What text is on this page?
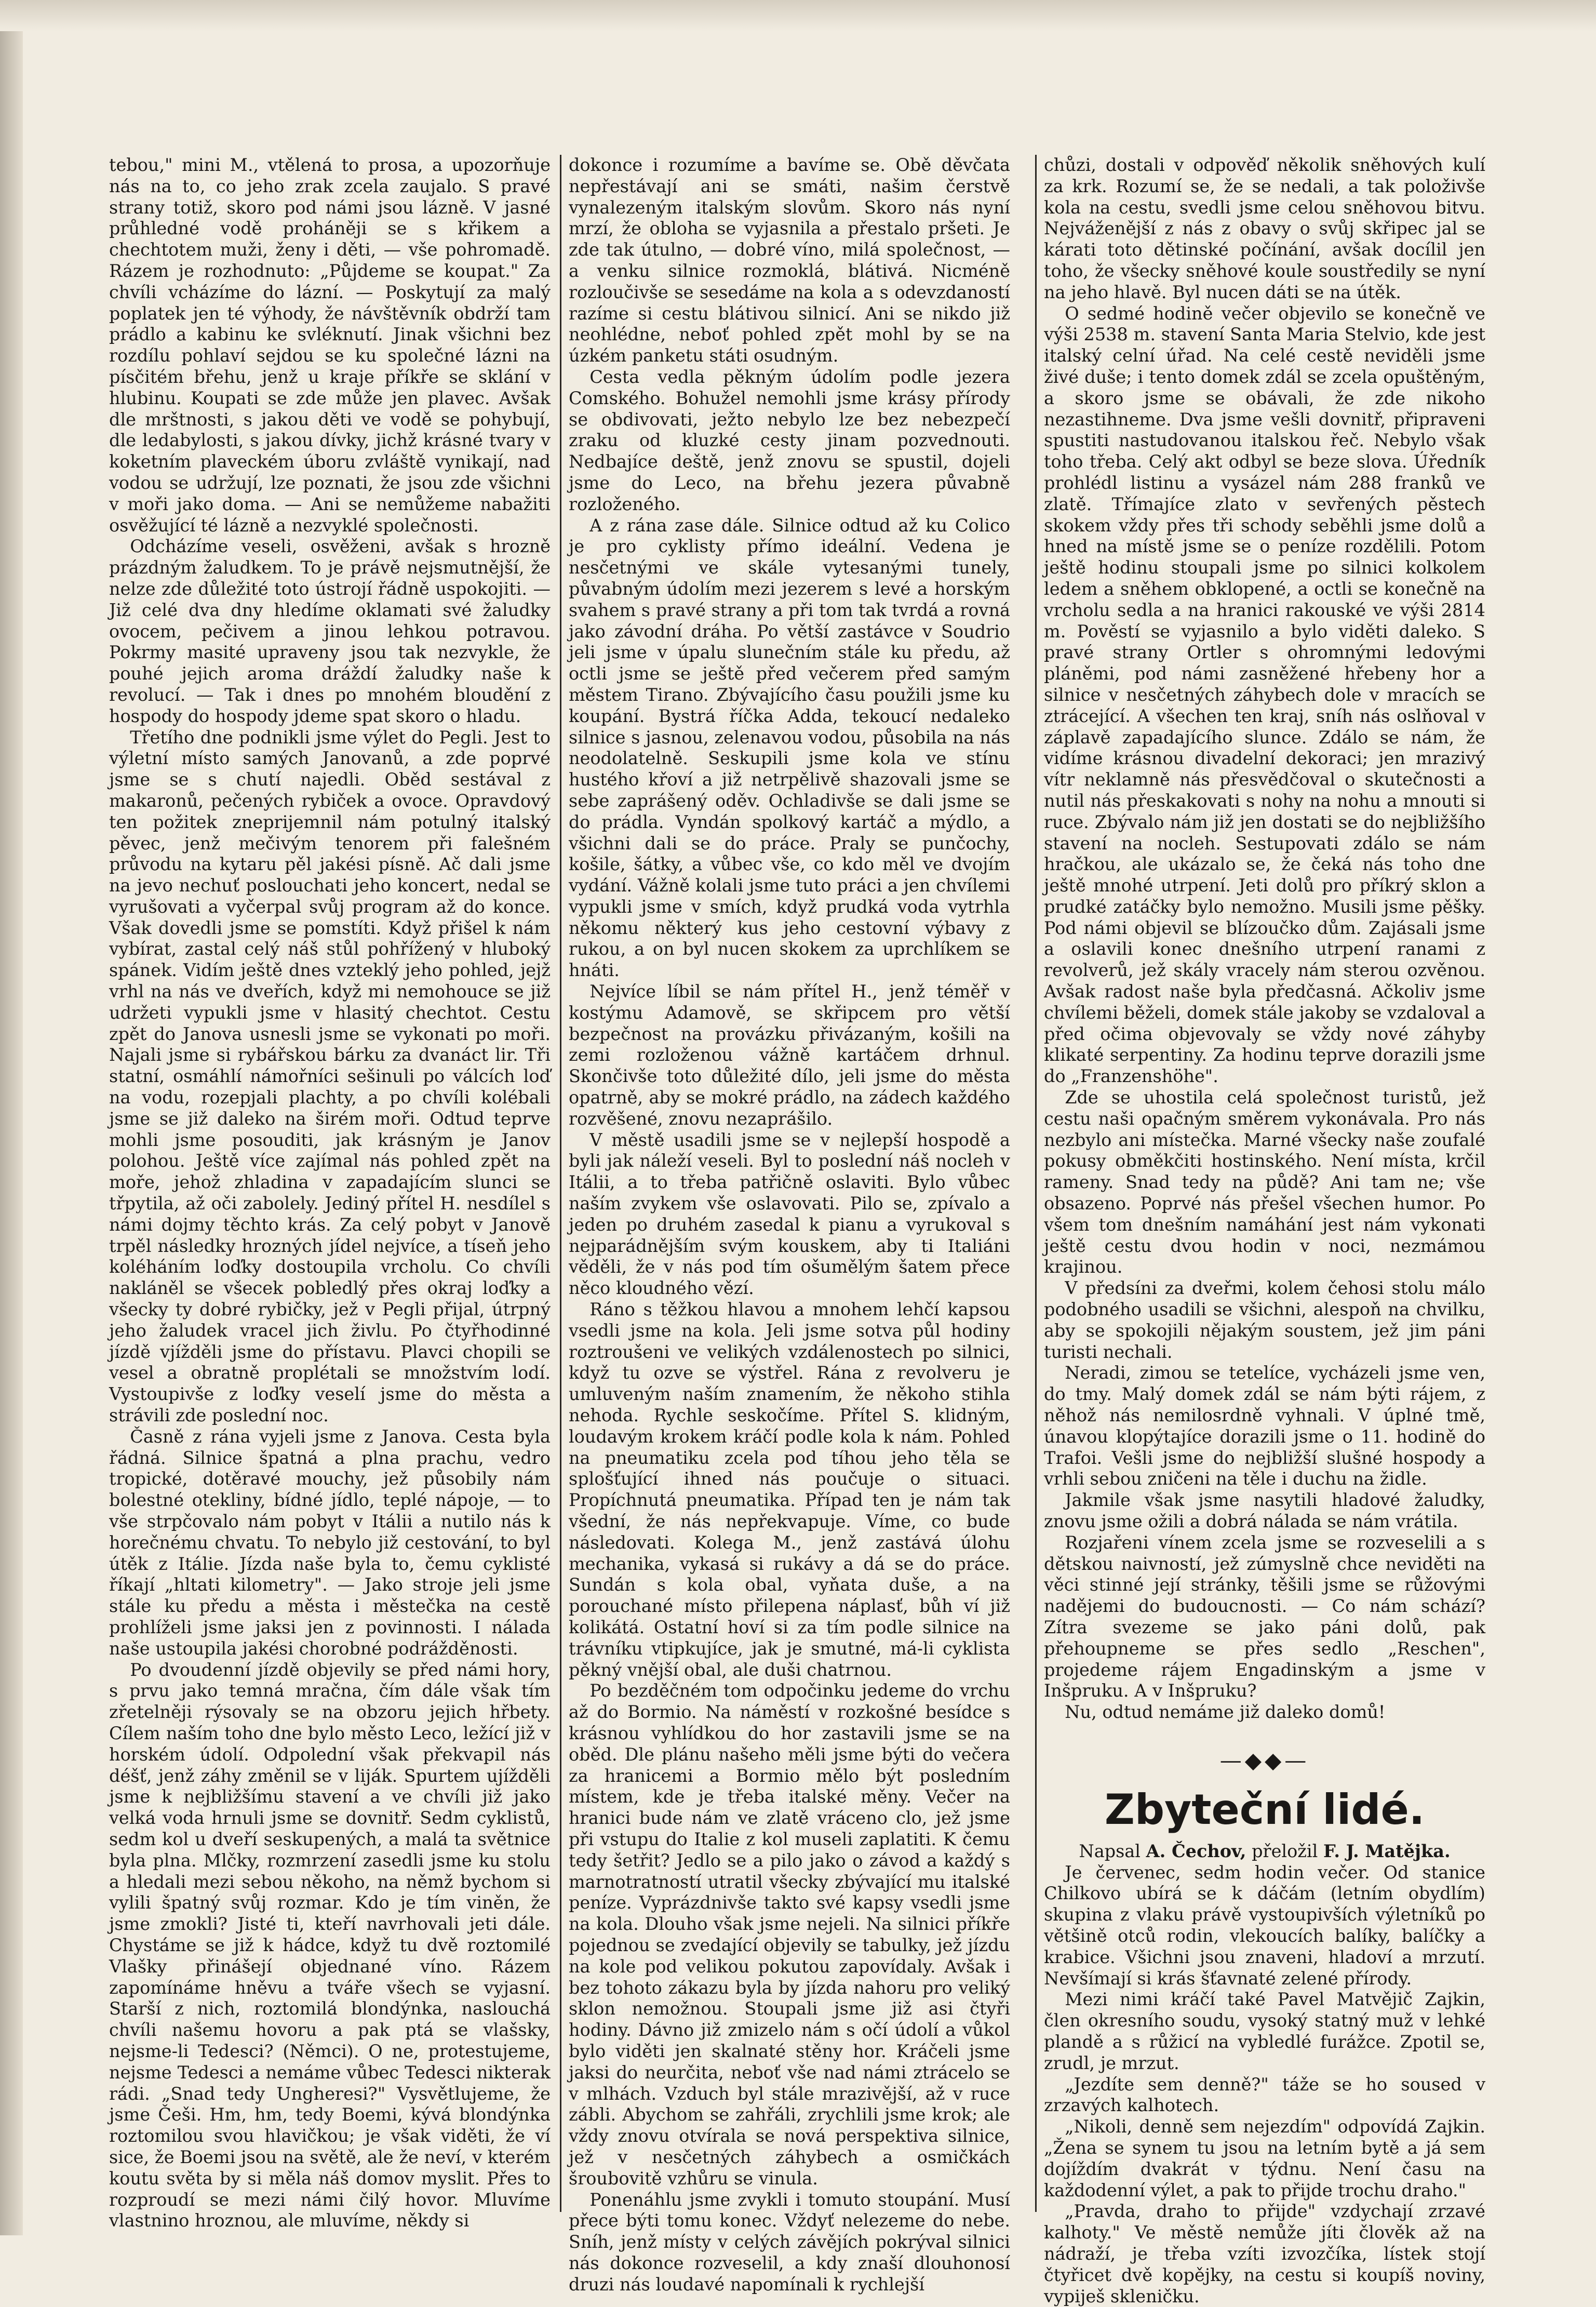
tebou," mini M., vtělená to prosa, a upozorňuje nás na to, co jeho zrak zcela zaujalo. S pravé strany totiž, skoro pod námi jsou lázně. V jasné průhledné vodě proháněji se s křikem a chechtotem muži, ženy i děti, — vše pohromadě. Rázem je rozhodnuto: „Půjdeme se koupat." Za chvíli vcházíme do lázní. — Poskytují za malý poplatek jen té výhody, že návštěvník obdrží tam prádlo a kabinu ke svléknutí. Jinak všichni bez rozdílu pohlaví sejdou se ku společné lázni na písčitém břehu, jenž u kraje příkře se sklání v hlubinu. Koupati se zde může jen plavec. Avšak dle mrštnosti, s jakou děti ve vodě se pohybují, dle ledabylosti, s jakou dívky, jichž krásné tvary v koketním plaveckém úboru zvláště vynikají, nad vodou se udržují, lze poznati, že jsou zde všichni v moři jako doma. — Ani se nemůžeme nabažiti osvěžující té lázně a nezvyklé společnosti.

Odcházíme veseli, osvěženi, avšak s hrozně prázdným žaludkem. To je právě nejsmutnější, že nelze zde důležité toto ústrojí řádně uspokojiti. — Již celé dva dny hledíme oklamati své žaludky ovocem, pečivem a jinou lehkou potravou. Pokrmy masité upraveny jsou tak nezvykle, že pouhé jejich aroma dráždí žaludky naše k revolucí. — Tak i dnes po mnohém bloudění z hospody do hospody jdeme spat skoro o hladu.

Třetího dne podnikli jsme výlet do Pegli. Jest to výletní místo samých Janovanů, a zde poprvé jsme se s chutí najedli. Oběd sestával z makaronů, pečených rybiček a ovoce. Opravdový ten požitek zneprijemnil nám potulný italský pěvec, jenž mečivým tenorem při falešném průvodu na kytaru pěl jakési písně. Ač dali jsme na jevo nechuť poslouchati jeho koncert, nedal se vyrušovati a vyčerpal svůj program až do konce. Však dovedli jsme se pomstíti. Když přišel k nám vybírat, zastal celý náš stůl pohřížený v hluboký spánek. Vidím ještě dnes vzteklý jeho pohled, jejž vrhl na nás ve dveřích, když mi nemohouce se již udržeti vypukli jsme v hlasitý chechtot. Cestu zpět do Janova usnesli jsme se vykonati po moři. Najali jsme si rybářskou bárku za dvanáct lir. Tři statní, osmáhlí námořníci sešinuli po válcích loď na vodu, rozepjali plachty, a po chvíli kolébali jsme se již daleko na širém moři. Odtud teprve mohli jsme posouditi, jak krásným je Janov polohou. Ještě více zajímal nás pohled zpět na moře, jehož zhladina v zapadajícím slunci se třpytila, až oči zabolely. Jediný přítel H. nesdílel s námi dojmy těchto krás. Za celý pobyt v Janově trpěl následky hrozných jídel nejvíce, a tíseň jeho koléháním loďky dostoupila vrcholu. Co chvíli nakláněl se všecek pobledlý přes okraj loďky a všecky ty dobré rybičky, jež v Pegli přijal, útrpný jeho žaludek vracel jich živlu. Po čtyřhodinné jízdě vjížděli jsme do přístavu. Plavci chopili se vesel a obratně proplétali se množstvím lodí. Vystoupivše z loďky veselí jsme do města a strávili zde poslední noc.

Časně z rána vyjeli jsme z Janova. Cesta byla řádná. Silnice špatná a plna prachu, vedro tropické, dotěravé mouchy, jež působily nám bolestné otekliny, bídné jídlo, teplé nápoje, — to vše strpčovalo nám pobyt v Itálii a nutilo nás k horečnému chvatu. To nebylo již cestování, to byl útěk z Itálie. Jízda naše byla to, čemu cyklisté říkají „hltati kilometry". — Jako stroje jeli jsme stále ku předu a města i městečka na cestě prohlíželi jsme jaksi jen z povinnosti. I nálada naše ustoupila jakési chorobné podrážděnosti.

Po dvoudenní jízdě objevily se před námi hory, s prvu jako temná mračna, čím dále však tím zřetelněji rýsovaly se na obzoru jejich hřbety. Cílem naším toho dne bylo město Leco, ležící již v horském údolí. Odpolední však překvapil nás déšť, jenž záhy změnil se v liják. Spurtem ujížděli jsme k nejbližšímu stavení a ve chvíli již jako velká voda hrnuli jsme se dovnitř. Sedm cyklistů, sedm kol u dveří seskupených, a malá ta světnice byla plna. Mlčky, rozmrzení zasedli jsme ku stolu a hledali mezi sebou někoho, na němž bychom si vylili špatný svůj rozmar. Kdo je tím viněn, že jsme zmokli? Jisté ti, kteří navrhovali jeti dále. Chystáme se již k hádce, když tu dvě roztomilé Vlašky přinášejí objednané víno. Rázem zapomínáme hněvu a tváře všech se vyjasní. Starší z nich, roztomilá blondýnka, naslouchá chvíli našemu hovoru a pak ptá se vlašsky, nejsme-li Tedesci? (Němci). O ne, protestujeme, nejsme Tedesci a nemáme vůbec Tedesci nikterak rádi. „Snad tedy Ungheresi?" Vysvětlujeme, že jsme Češi. Hm, hm, tedy Boemi, kývá blondýnka roztomilou svou hlavičkou; je však viděti, že ví sice, že Boemi jsou na světě, ale že neví, v kterém koutu světa by si měla náš domov myslit. Přes to rozproudí se mezi námi čilý hovor. Mluvíme vlastnino hroznou, ale mluvíme, někdy si

dokonce i rozumíme a bavíme se. Obě děvčata nepřestávají ani se smáti, našim čerstvě vynalezeným italským slovům. Skoro nás nyní mrzí, že obloha se vyjasnila a přestalo pršeti. Je zde tak útulno, — dobré víno, milá společnost, — a venku silnice rozmoklá, blátivá. Nicméně rozloučivše se sesedáme na kola a s odevzdaností razíme si cestu blátivou silnicí. Ani se nikdo již neohlédne, neboť pohled zpět mohl by se na úzkém panketu státi osudným.

Cesta vedla pěkným údolím podle jezera Comského. Bohužel nemohli jsme krásy přírody se obdivovati, ježto nebylo lze bez nebezpečí zraku od kluzké cesty jinam pozvednouti. Nedbajíce deště, jenž znovu se spustil, dojeli jsme do Leco, na břehu jezera půvabně rozloženého.

A z rána zase dále. Silnice odtud až ku Colico je pro cyklisty přímo ideální. Vedena je nesčetnými ve skále vytesanými tunely, půvabným údolím mezi jezerem s levé a horským svahem s pravé strany a při tom tak tvrdá a rovná jako závodní dráha. Po větší zastávce v Soudrio jeli jsme v úpalu slunečním stále ku předu, až octli jsme se ještě před večerem před samým městem Tirano. Zbývajícího času použili jsme ku koupání. Bystrá říčka Adda, tekoucí nedaleko silnice s jasnou, zelenavou vodou, působila na nás neodolatelně. Seskupili jsme kola ve stínu hustého křoví a již netrpělivě shazovali jsme se sebe zaprášený oděv. Ochladivše se dali jsme se do prádla. Vyndán spolkový kartáč a mýdlo, a všichni dali se do práce. Praly se punčochy, košile, šátky, a vůbec vše, co kdo měl ve dvojím vydání. Vážně kolali jsme tuto práci a jen chvílemi vypukli jsme v smích, když prudká voda vytrhla někomu některý kus jeho cestovní výbavy z rukou, a on byl nucen skokem za uprchlíkem se hnáti.

Nejvíce líbil se nám přítel H., jenž téměř v kostýmu Adamově, se skřipcem pro větší bezpečnost na provázku přivázaným, košili na zemi rozloženou vážně kartáčem drhnul. Skončivše toto důležité dílo, jeli jsme do města opatrně, aby se mokré prádlo, na zádech každého rozvěšené, znovu nezaprášilo.

V městě usadili jsme se v nejlepší hospodě a byli jak náleží veseli. Byl to poslední náš nocleh v Itálii, a to třeba patřičně oslaviti. Bylo vůbec naším zvykem vše oslavovati. Pilo se, zpívalo a jeden po druhém zasedal k pianu a vyrukoval s nejparádnějším svým kouskem, aby ti Italiáni věděli, že v nás pod tím ošumělým šatem přece něco kloudného vězí.

Ráno s těžkou hlavou a mnohem lehčí kapsou vsedli jsme na kola. Jeli jsme sotva půl hodiny roztroušeni ve velikých vzdálenostech po silnici, když tu ozve se výstřel. Rána z revolveru je umluveným naším znamením, že někoho stihla nehoda. Rychle seskočíme. Přítel S. klidným, loudavým krokem kráčí podle kola k nám. Pohled na pneumatiku zcela pod tíhou jeho těla se splošťující ihned nás poučuje o situaci. Propíchnutá pneumatika. Případ ten je nám tak všední, že nás nepřekvapuje. Víme, co bude následovati. Kolega M., jenž zastává úlohu mechanika, vykasá si rukávy a dá se do práce. Sundán s kola obal, vyňata duše, a na porouchané místo přilepena náplasť, bůh ví již kolikátá. Ostatní hoví si za tím podle silnice na trávníku vtipkujíce, jak je smutné, má-li cyklista pěkný vnější obal, ale duši chatrnou.

Po bezděčném tom odpočinku jedeme do vrchu až do Bormio. Na náměstí v rozkošné besídce s krásnou vyhlídkou do hor zastavili jsme se na oběd. Dle plánu našeho měli jsme býti do večera za hranicemi a Bormio mělo být posledním místem, kde je třeba italské měny. Večer na hranici bude nám ve zlatě vráceno clo, jež jsme při vstupu do Italie z kol museli zaplatiti. K čemu tedy šetřit? Jedlo se a pilo jako o závod a každý s marnotratností utratil všecky zbývající mu italské peníze. Vyprázdnivše takto své kapsy vsedli jsme na kola. Dlouho však jsme nejeli. Na silnici příkře pojednou se zvedající objevily se tabulky, jež jízdu na kole pod velikou pokutou zapovídaly. Avšak i bez tohoto zákazu byla by jízda nahoru pro veliký sklon nemožnou. Stoupali jsme již asi čtyři hodiny. Dávno již zmizelo nám s očí údolí a vůkol bylo viděti jen skalnaté stěny hor. Kráčeli jsme jaksi do neurčita, neboť vše nad námi ztrácelo se v mlhách. Vzduch byl stále mrazivější, až v ruce zábli. Abychom se zahřáli, zrychlili jsme krok; ale vždy znovu otvírala se nová perspektiva silnice, jež v nesčetných záhybech a osmičkách šroubovitě vzhůru se vinula.

Ponenáhlu jsme zvykli i tomuto stoupání. Musí přece býti tomu konec. Vždyť nelezeme do nebe. Sníh, jenž místy v celých závějích pokrýval silnici nás dokonce rozveselil, a kdy znaší dlouhonosí druzi nás loudavé napomínali k rychlejší

chůzi, dostali v odpověď několik sněhových kulí za krk. Rozumí se, že se nedali, a tak položivše kola na cestu, svedli jsme celou sněhovou bitvu. Nejváženější z nás z obavy o svůj skřipec jal se kárati toto dětinské počínání, avšak docílil jen toho, že všecky sněhové koule soustředily se nyní na jeho hlavě. Byl nucen dáti se na útěk.

O sedmé hodině večer objevilo se konečně ve výši 2538 m. stavení Santa Maria Stelvio, kde jest italský celní úřad. Na celé cestě neviděli jsme živé duše; i tento domek zdál se zcela opuštěným, a skoro jsme se obávali, že zde nikoho nezastihneme. Dva jsme vešli dovnitř, připraveni spustiti nastudovanou italskou řeč. Nebylo však toho třeba. Celý akt odbyl se beze slova. Úředník prohlédl listinu a vysázel nám 288 franků ve zlatě. Třímajíce zlato v sevřených pěstech skokem vždy přes tři schody seběhli jsme dolů a hned na místě jsme se o peníze rozdělili. Potom ještě hodinu stoupali jsme po silnici kolkolem ledem a sněhem obklopené, a octli se konečně na vrcholu sedla a na hranici rakouské ve výši 2814 m. Pověstí se vyjasnilo a bylo viděti daleko. S pravé strany Ortler s ohromnými ledovými pláněmi, pod námi zasněžené hřebeny hor a silnice v nesčetných záhybech dole v mracích se ztrácející. A všechen ten kraj, sníh nás oslňoval v záplavě zapadajícího slunce. Zdálo se nám, že vidíme krásnou divadelní dekoraci; jen mrazivý vítr neklamně nás přesvědčoval o skutečnosti a nutil nás přeskakovati s nohy na nohu a mnouti si ruce. Zbývalo nám již jen dostati se do nejbližšího stavení na nocleh. Sestupovati zdálo se nám hračkou, ale ukázalo se, že čeká nás toho dne ještě mnohé utrpení. Jeti dolů pro příkrý sklon a prudké zatáčky bylo nemožno. Musili jsme pěšky. Pod námi objevil se blízoučko dům. Zajásali jsme a oslavili konec dnešního utrpení ranami z revolverů, jež skály vracely nám sterou ozvěnou. Avšak radost naše byla předčasná. Ačkoliv jsme chvílemi běželi, domek stále jakoby se vzdaloval a před očima objevovaly se vždy nové záhyby klikaté serpentiny. Za hodinu teprve dorazili jsme do „Franzenshöhe".

Zde se uhostila celá společnost turistů, jež cestu naši opačným směrem vykonávala. Pro nás nezbylo ani místečka. Marné všecky naše zoufalé pokusy obměkčiti hostinského. Není místa, krčil rameny. Snad tedy na půdě? Ani tam ne; vše obsazeno. Poprvé nás přešel všechen humor. Po všem tom dnešním namáhání jest nám vykonati ještě cestu dvou hodin v noci, nezmámou krajinou.

V předsíni za dveřmi, kolem čehosi stolu málo podobného usadili se všichni, alespoň na chvilku, aby se spokojili nějakým soustem, jež jim páni turisti nechali.

Neradi, zimou se tetelíce, vycházeli jsme ven, do tmy. Malý domek zdál se nám býti rájem, z něhož nás nemilosrdně vyhnali. V úplné tmě, únavou klopýtajíce dorazili jsme o 11. hodině do Trafoi. Vešli jsme do nejbližší slušné hospody a vrhli sebou zničeni na těle i duchu na židle.

Jakmile však jsme nasytili hladové žaludky, znovu jsme ožili a dobrá nálada se nám vrátila.

Rozjařeni vínem zcela jsme se rozveselili a s dětskou naivností, jež zúmyslně chce neviděti na věci stinné její stránky, těšili jsme se růžovými nadějemi do budoucnosti. — Co nám schází? Zítra svezeme se jako páni dolů, pak přehoupneme se přes sedlo „Reschen", projedeme rájem Engadinským a jsme v Inšpruku. A v Inšpruku?

Nu, odtud nemáme již daleko domů!

—◆◆—
Zbyteční lidé.

Napsal A. Čechov, přeložil F. J. Matějka.

Je červenec, sedm hodin večer. Od stanice Chilkovo ubírá se k dáčám (letním obydlím) skupina z vlaku právě vystoupivších výletníků po většině otců rodin, vlekoucích balíky, balíčky a krabice. Všichni jsou znaveni, hladoví a mrzutí. Nevšímají si krás šťavnaté zelené přírody.

Mezi nimi kráčí také Pavel Matvějič Zajkin, člen okresního soudu, vysoký statný muž v lehké plandě a s růžicí na vybledlé furážce. Zpotil se, zrudl, je mrzut.

„Jezdíte sem denně?" táže se ho soused v zrzavých kalhotech.

„Nikoli, denně sem nejezdím" odpovídá Zajkin. „Žena se synem tu jsou na letním bytě a já sem dojíždím dvakrát v týdnu. Není času na každodenní výlet, a pak to přijde trochu draho."

„Pravda, draho to přijde" vzdychají zrzavé kalhoty." Ve městě nemůže jíti člověk až na nádraží, je třeba vzíti izvozčíka, lístek stojí čtyřicet dvě kopějky, na cestu si koupíš noviny, vypiješ skleničku.
